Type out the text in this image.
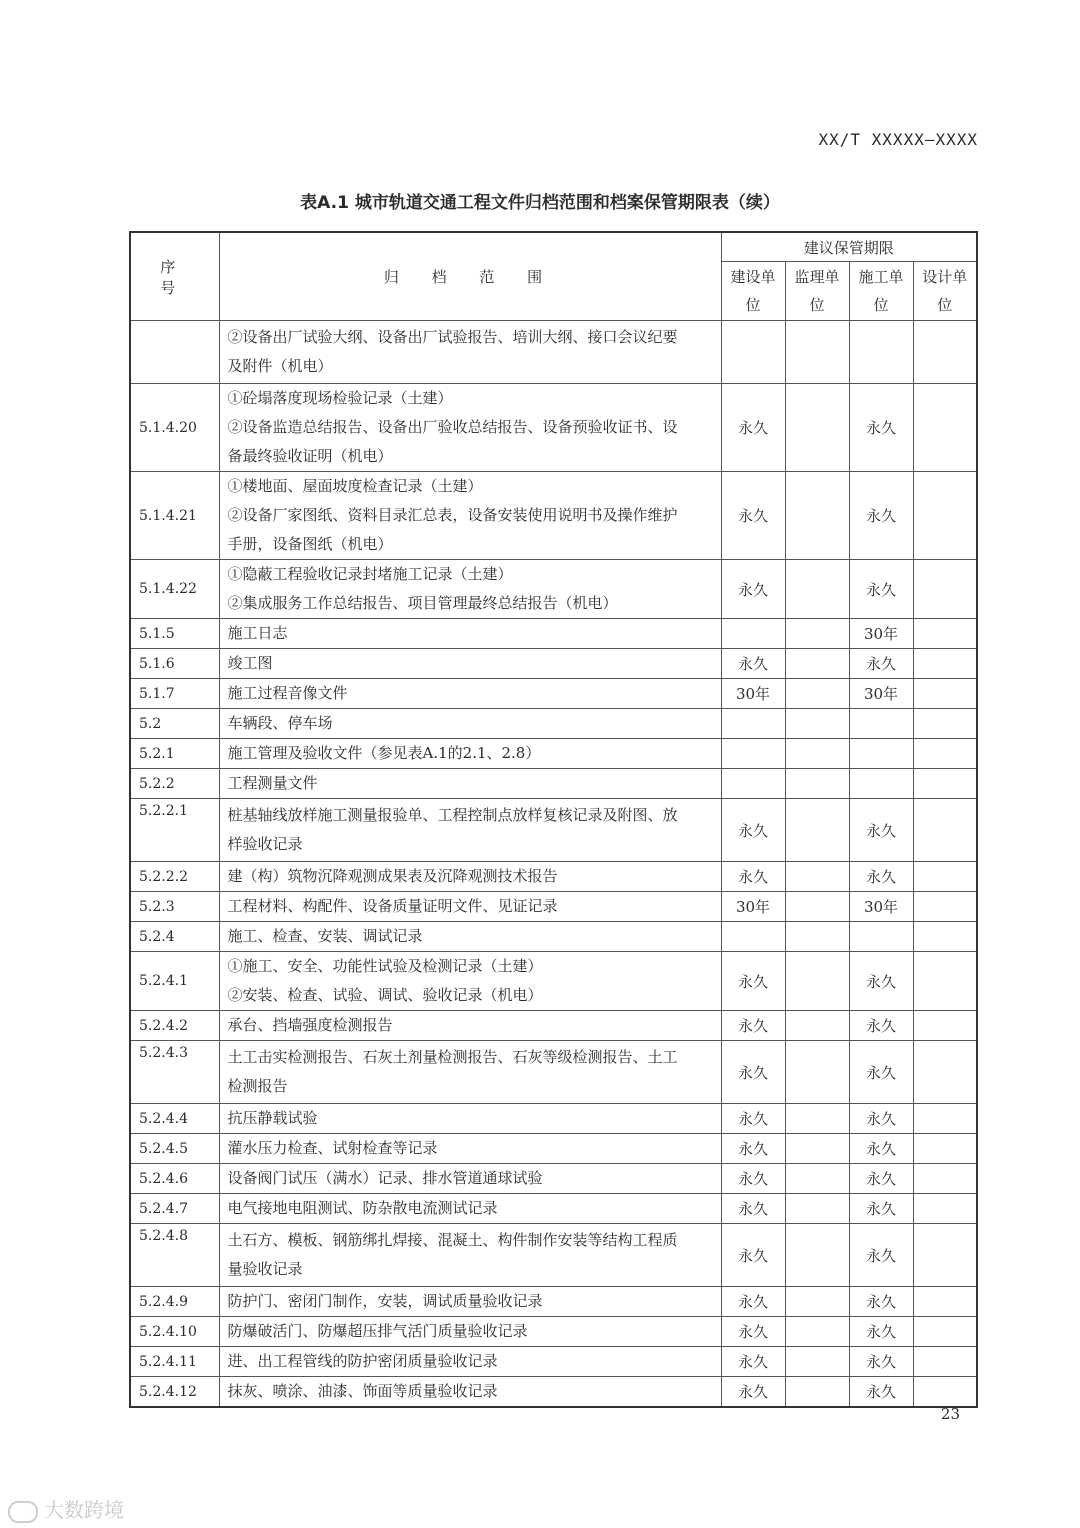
XX/T XXXXX—XXXX
表A.1 城市轨道交通工程文件归档范围和档案保管期限表（续）
序 号	归 档 范 围	建议保管期限			
		建设单位	监理单位	施工单位	设计单位

	②设备出厂试验大纲、设备出厂试验报告、培训大纲、接口会议纪要
及附件（机电）				

5.1.4.20	①砼塌落度现场检验记录（土建）
②设备监造总结报告、设备出厂验收总结报告、设备预验收证书、设
备最终验收证明（机电）	永久		永久	
5.1.4.21	①楼地面、屋面坡度检查记录（土建）
②设备厂家图纸、资料目录汇总表，设备安装使用说明书及操作维护
手册，设备图纸（机电）	永久		永久	
5.1.4.22	①隐蔽工程验收记录封堵施工记录（土建）
②集成服务工作总结报告、项目管理最终总结报告（机电）	永久		永久	
5.1.5	施工日志			30年	
5.1.6	竣工图	永久		永久	
5.1.7	施工过程音像文件	30年		30年	
5.2	车辆段、停车场				

5.2.1	施工管理及验收文件（参见表A.1的2.1、2.8）				

5.2.2	工程测量文件				

5.2.2.1	桩基轴线放样施工测量报验单、工程控制点放样复核记录及附图、放
样验收记录	永久		永久	
5.2.2.2	建（构）筑物沉降观测成果表及沉降观测技术报告	永久		永久	
5.2.3	工程材料、构配件、设备质量证明文件、见证记录	30年		30年	
5.2.4	施工、检查、安装、调试记录				

5.2.4.1	①施工、安全、功能性试验及检测记录（土建）
②安装、检查、试验、调试、验收记录（机电）	永久		永久	
5.2.4.2	承台、挡墙强度检测报告	永久		永久	
5.2.4.3	土工击实检测报告、石灰土剂量检测报告、石灰等级检测报告、土工
检测报告	永久		永久	
5.2.4.4	抗压静载试验	永久		永久	
5.2.4.5	灌水压力检查、试射检查等记录	永久		永久	
5.2.4.6	设备阀门试压（满水）记录、排水管道通球试验	永久		永久	
5.2.4.7	电气接地电阻测试、防杂散电流测试记录	永久		永久	
5.2.4.8	土石方、模板、钢筋绑扎焊接、混凝土、构件制作安装等结构工程质
量验收记录	永久		永久	
5.2.4.9	防护门、密闭门制作，安装，调试质量验收记录	永久		永久	
5.2.4.10	防爆破活门、防爆超压排气活门质量验收记录	永久		永久	
5.2.4.11	进、出工程管线的防护密闭质量验收记录	永久		永久	
5.2.4.12	抹灰、喷涂、油漆、饰面等质量验收记录	永久		永久	
23
大数跨境
